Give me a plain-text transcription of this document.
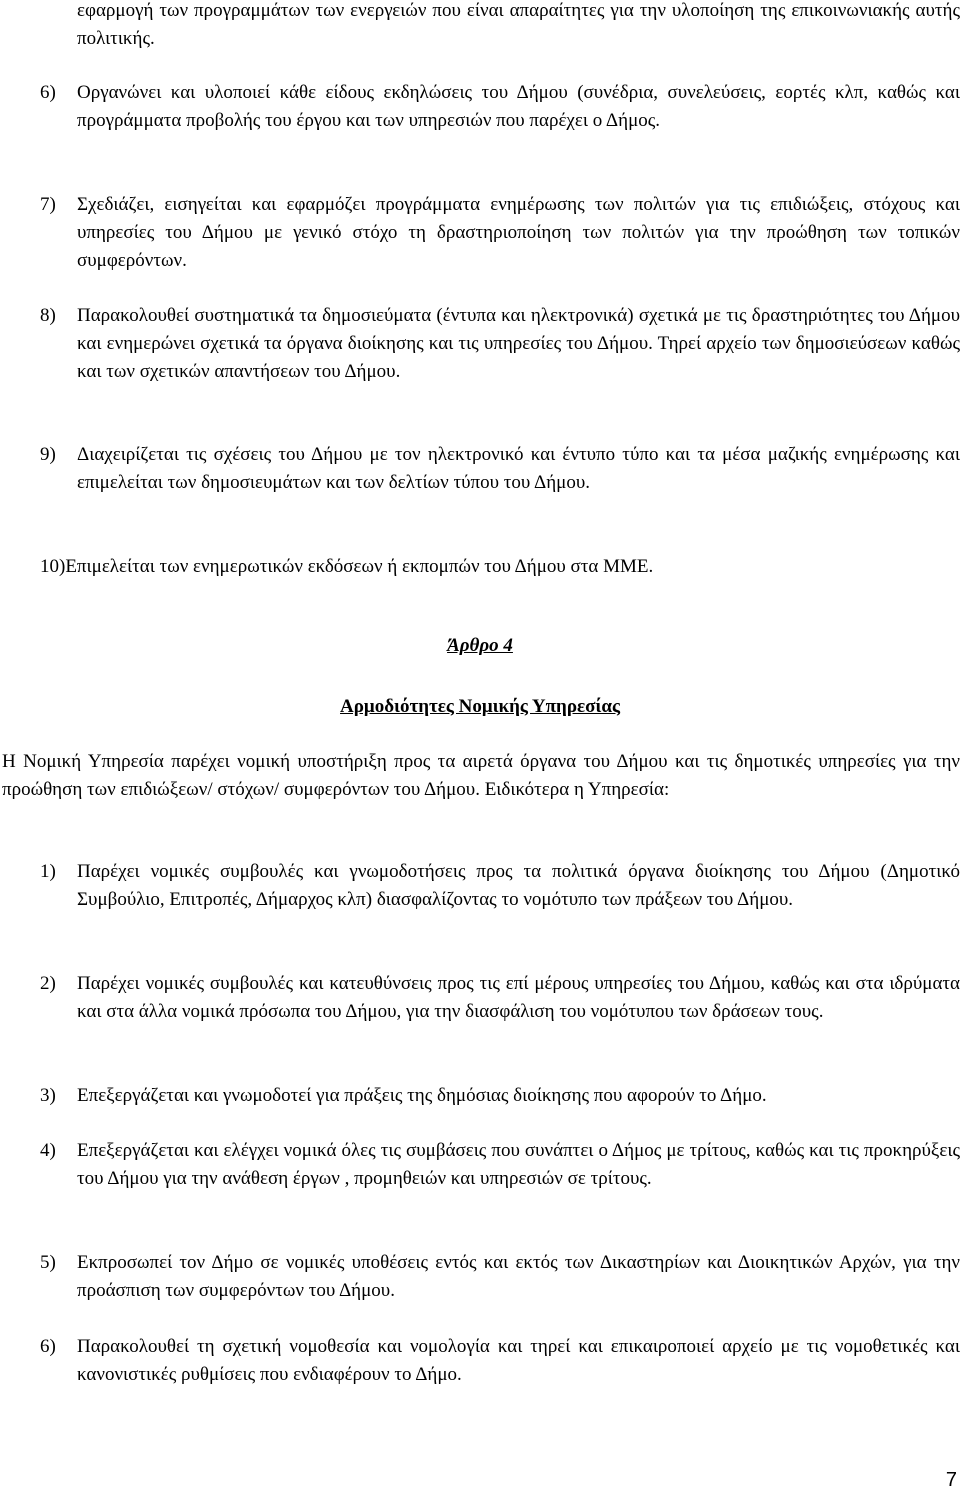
εφαρμογή των προγραμμάτων των ενεργειών που είναι απαραίτητες για την υλοποίηση της επικοινωνιακής αυτής πολιτικής.
6)	Οργανώνει και υλοποιεί κάθε είδους εκδηλώσεις του Δήμου (συνέδρια, συνελεύσεις, εορτές κλπ, καθώς και προγράμματα προβολής του έργου και των υπηρεσιών που παρέχει ο Δήμος.
7)	Σχεδιάζει, εισηγείται και εφαρμόζει προγράμματα ενημέρωσης των πολιτών για τις επιδιώξεις, στόχους και υπηρεσίες του Δήμου με γενικό στόχο τη δραστηριοποίηση των πολιτών για την προώθηση των τοπικών συμφερόντων.
8)	Παρακολουθεί συστηματικά τα δημοσιεύματα (έντυπα και ηλεκτρονικά) σχετικά με τις δραστηριότητες του Δήμου και ενημερώνει σχετικά τα όργανα διοίκησης και τις υπηρεσίες του Δήμου. Τηρεί αρχείο των δημοσιεύσεων καθώς και των σχετικών απαντήσεων του Δήμου.
9)	Διαχειρίζεται τις σχέσεις του Δήμου με τον ηλεκτρονικό και έντυπο τύπο και τα μέσα μαζικής ενημέρωσης και επιμελείται των δημοσιευμάτων και των δελτίων τύπου του Δήμου.
10) Επιμελείται των ενημερωτικών εκδόσεων ή εκπομπών του Δήμου στα ΜΜΕ.
Άρθρο 4
Αρμοδιότητες Νομικής Υπηρεσίας
Η Νομική Υπηρεσία παρέχει νομική υποστήριξη προς τα αιρετά όργανα του Δήμου και τις δημοτικές υπηρεσίες για την προώθηση των επιδιώξεων/ στόχων/ συμφερόντων του Δήμου. Ειδικότερα η Υπηρεσία:
1)	Παρέχει νομικές συμβουλές και γνωμοδοτήσεις προς τα πολιτικά όργανα διοίκησης του Δήμου (Δημοτικό Συμβούλιο, Επιτροπές, Δήμαρχος κλπ) διασφαλίζοντας το νομότυπο των πράξεων του Δήμου.
2)	Παρέχει νομικές συμβουλές και κατευθύνσεις προς τις επί μέρους υπηρεσίες του Δήμου, καθώς και στα ιδρύματα και στα άλλα νομικά πρόσωπα του Δήμου, για την διασφάλιση του νομότυπου των δράσεων τους.
3)	Επεξεργάζεται και γνωμοδοτεί για πράξεις της δημόσιας διοίκησης που αφορούν το Δήμο.
4)	Επεξεργάζεται και ελέγχει νομικά όλες τις συμβάσεις που συνάπτει ο Δήμος με τρίτους, καθώς και τις προκηρύξεις του Δήμου για την ανάθεση έργων , προμηθειών και υπηρεσιών σε τρίτους.
5)	Εκπροσωπεί τον Δήμο σε νομικές υποθέσεις εντός και εκτός των Δικαστηρίων και Διοικητικών Αρχών, για την προάσπιση των συμφερόντων του Δήμου.
6)	Παρακολουθεί τη σχετική νομοθεσία και νομολογία και τηρεί και επικαιροποιεί αρχείο με τις νομοθετικές και κανονιστικές ρυθμίσεις που ενδιαφέρουν το Δήμο.
7
